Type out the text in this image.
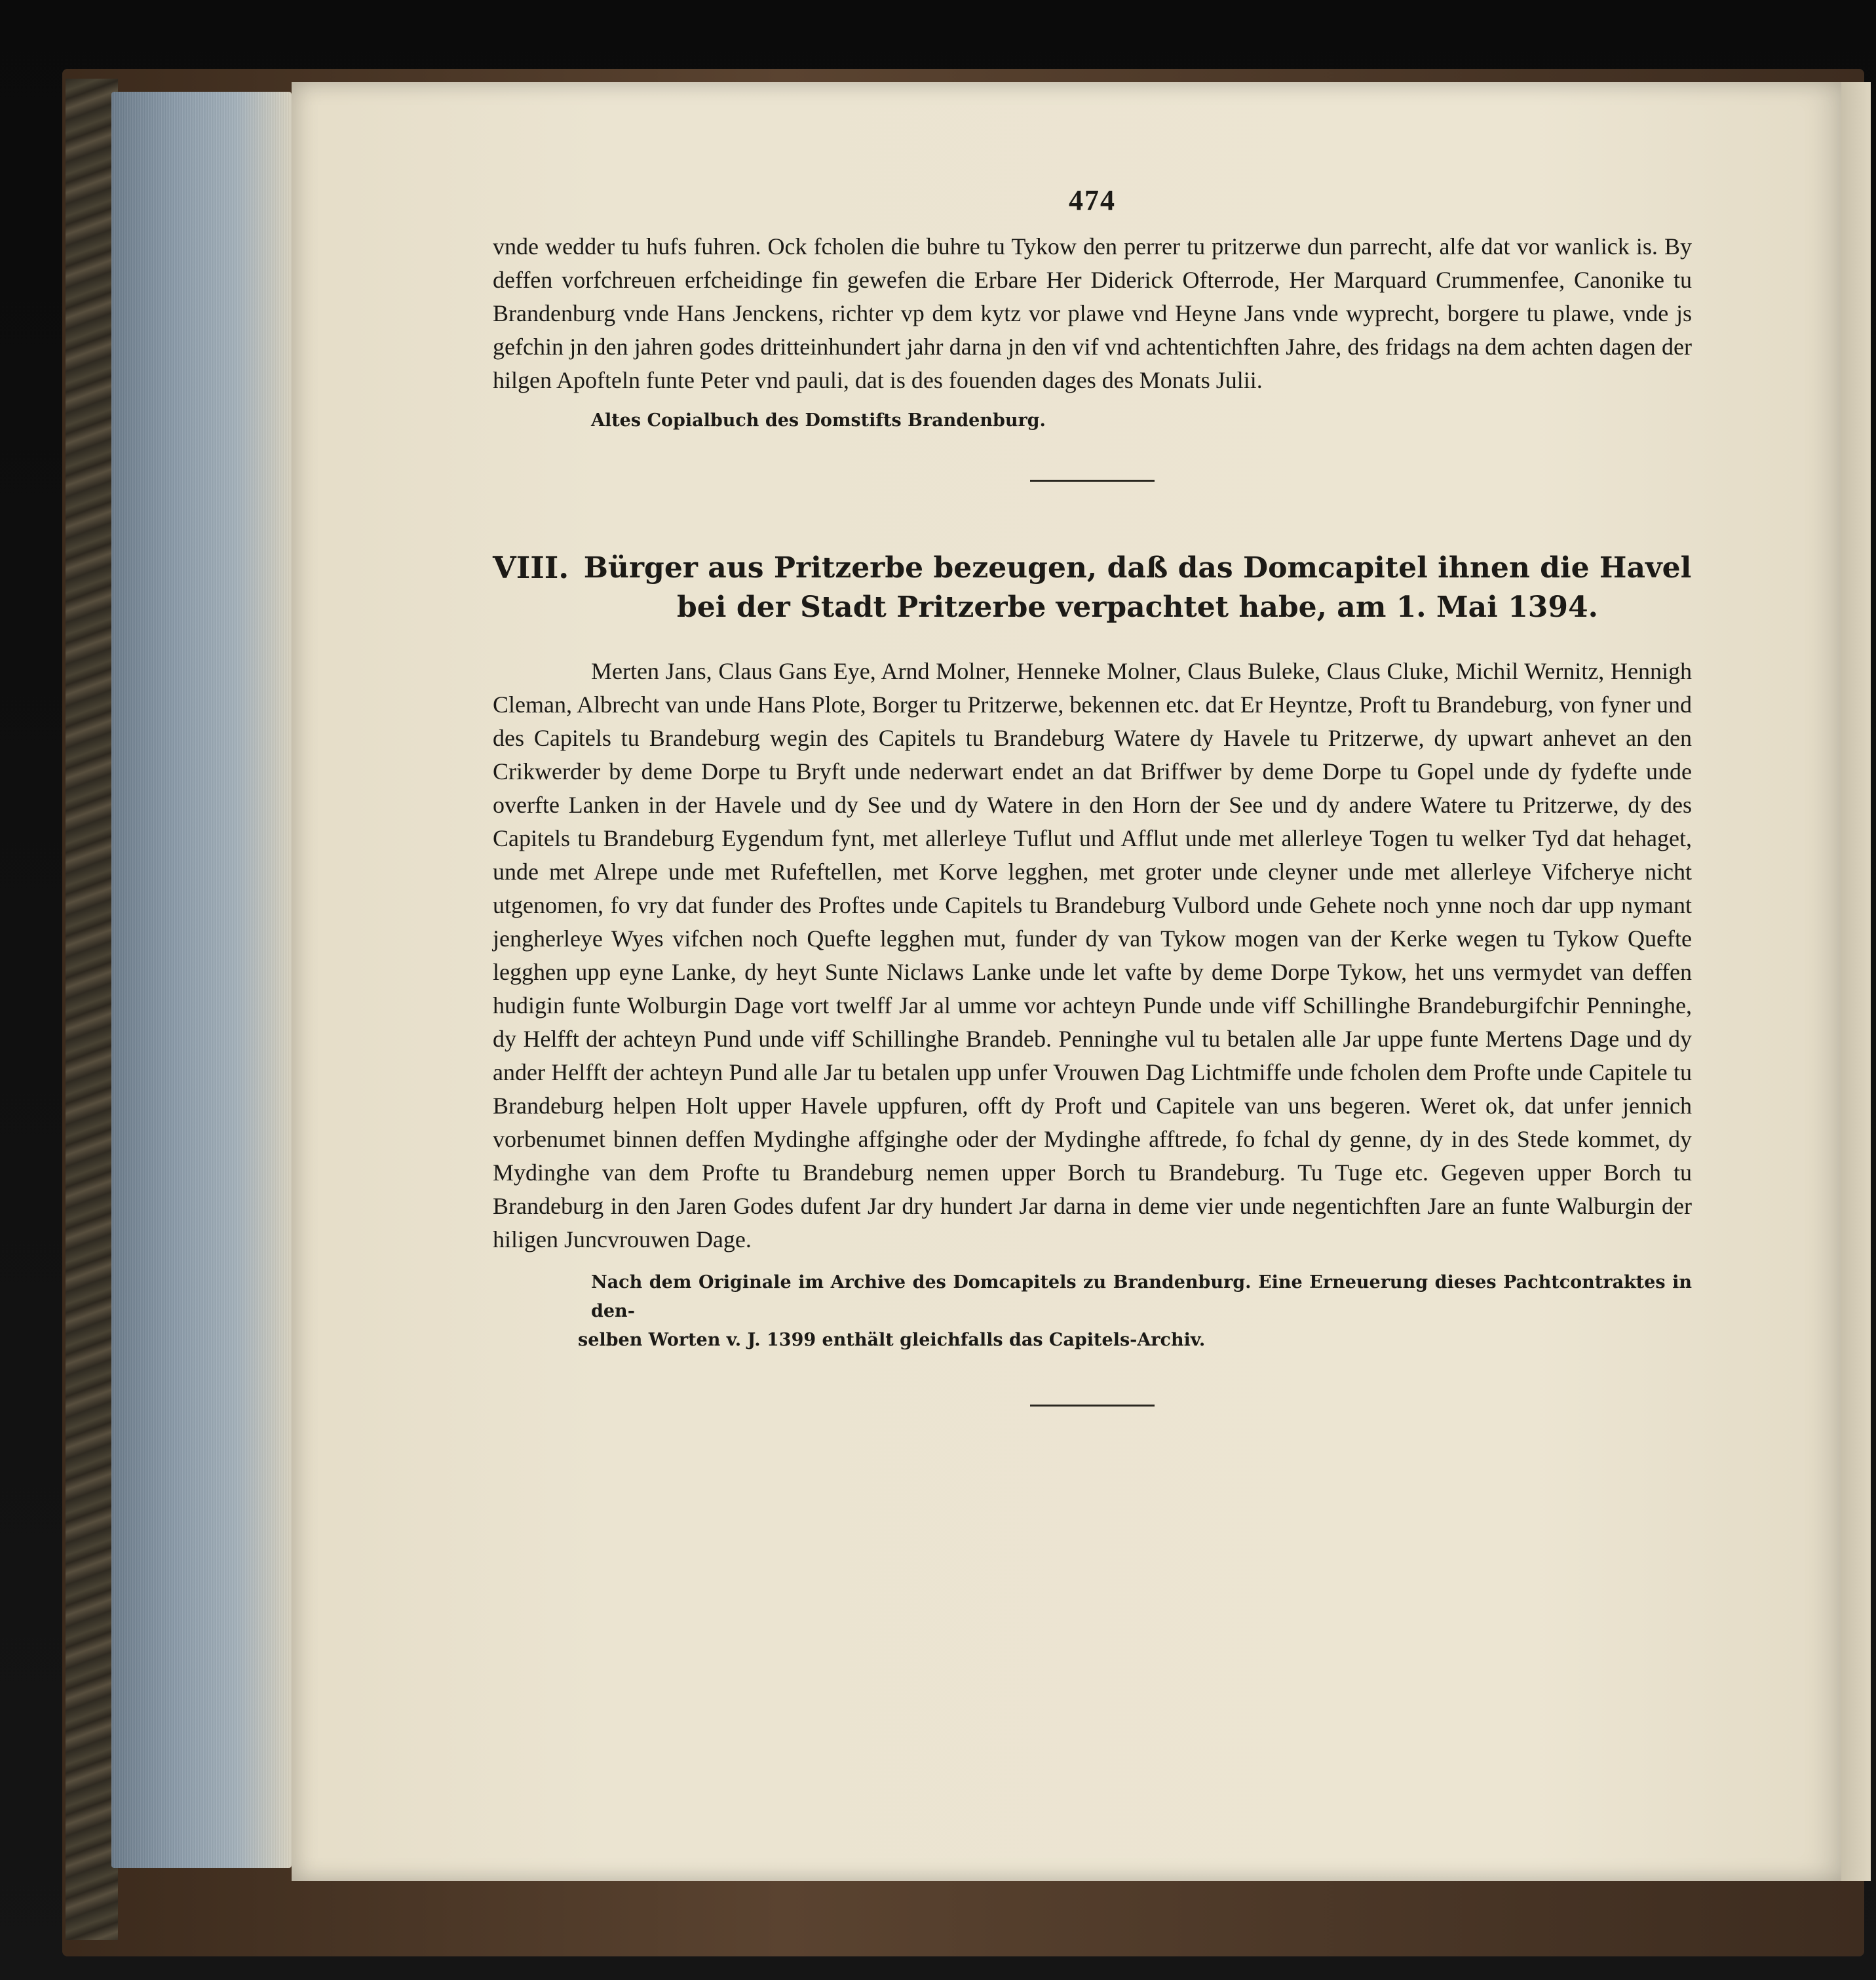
474

vnde wedder tu hufs fuhren. Ock fcholen die buhre tu Tykow den perrer tu pritzerwe dun parrecht, alfe dat vor wanlick is. By deffen vorfchreuen erfcheidinge fin gewefen die Erbare Her Diderick Ofterrode, Her Marquard Crummenfee, Canonike tu Brandenburg vnde Hans Jenckens, richter vp dem kytz vor plawe vnd Heyne Jans vnde wyprecht, borgere tu plawe, vnde js gefchin jn den jahren godes dritteinhundert jahr darna jn den vif vnd achtentichften Jahre, des fridags na dem achten dagen der hilgen Apofteln funte Peter vnd pauli, dat is des fouenden dages des Monats Julii.

Altes Copialbuch des Domstifts Brandenburg.

VIII. Bürger aus Pritzerbe bezeugen, daß das Domcapitel ihnen die Havel bei der Stadt Pritzerbe verpachtet habe, am 1. Mai 1394.

Merten Jans, Claus Gans Eye, Arnd Molner, Henneke Molner, Claus Buleke, Claus Cluke, Michil Wernitz, Hennigh Cleman, Albrecht van unde Hans Plote, Borger tu Pritzerwe, bekennen etc. dat Er Heyntze, Proft tu Brandeburg, von fyner und des Capitels tu Brandeburg wegin des Capitels tu Brandeburg Watere dy Havele tu Pritzerwe, dy upwart anhevet an den Crikwerder by deme Dorpe tu Bryft unde nederwart endet an dat Briffwer by deme Dorpe tu Gopel unde dy fydefte unde overfte Lanken in der Havele und dy See und dy Watere in den Horn der See und dy andere Watere tu Pritzerwe, dy des Capitels tu Brandeburg Eygendum fynt, met allerleye Tuflut und Afflut unde met allerleye Togen tu welker Tyd dat hehaget, unde met Alrepe unde met Rufeftellen, met Korve legghen, met groter unde cleyner unde met allerleye Vifcherye nicht utgenomen, fo vry dat funder des Proftes unde Capitels tu Brandeburg Vulbord unde Gehete noch ynne noch dar upp nymant jengherleye Wyes vifchen noch Quefte legghen mut, funder dy van Tykow mogen van der Kerke wegen tu Tykow Quefte legghen upp eyne Lanke, dy heyt Sunte Niclaws Lanke unde let vafte by deme Dorpe Tykow, het uns vermydet van deffen hudigin funte Wolburgin Dage vort twelff Jar al umme vor achteyn Punde unde viff Schillinghe Brandeburgifchir Penninghe, dy Helfft der achteyn Pund unde viff Schillinghe Brandeb. Penninghe vul tu betalen alle Jar uppe funte Mertens Dage und dy ander Helfft der achteyn Pund alle Jar tu betalen upp unfer Vrouwen Dag Lichtmiffe unde fcholen dem Profte unde Capitele tu Brandeburg helpen Holt upper Havele uppfuren, offt dy Proft und Capitele van uns begeren. Weret ok, dat unfer jennich vorbenumet binnen deffen Mydinghe affginghe oder der Mydinghe afftrede, fo fchal dy genne, dy in des Stede kommet, dy Mydinghe van dem Profte tu Brandeburg nemen upper Borch tu Brandeburg. Tu Tuge etc. Gegeven upper Borch tu Brandeburg in den Jaren Godes dufent Jar dry hundert Jar darna in deme vier unde negentichften Jare an funte Walburgin der hiligen Juncvrouwen Dage.

Nach dem Originale im Archive des Domcapitels zu Brandenburg. Eine Erneuerung dieses Pachtcontraktes in den-

selben Worten v. J. 1399 enthält gleichfalls das Capitels-Archiv.
